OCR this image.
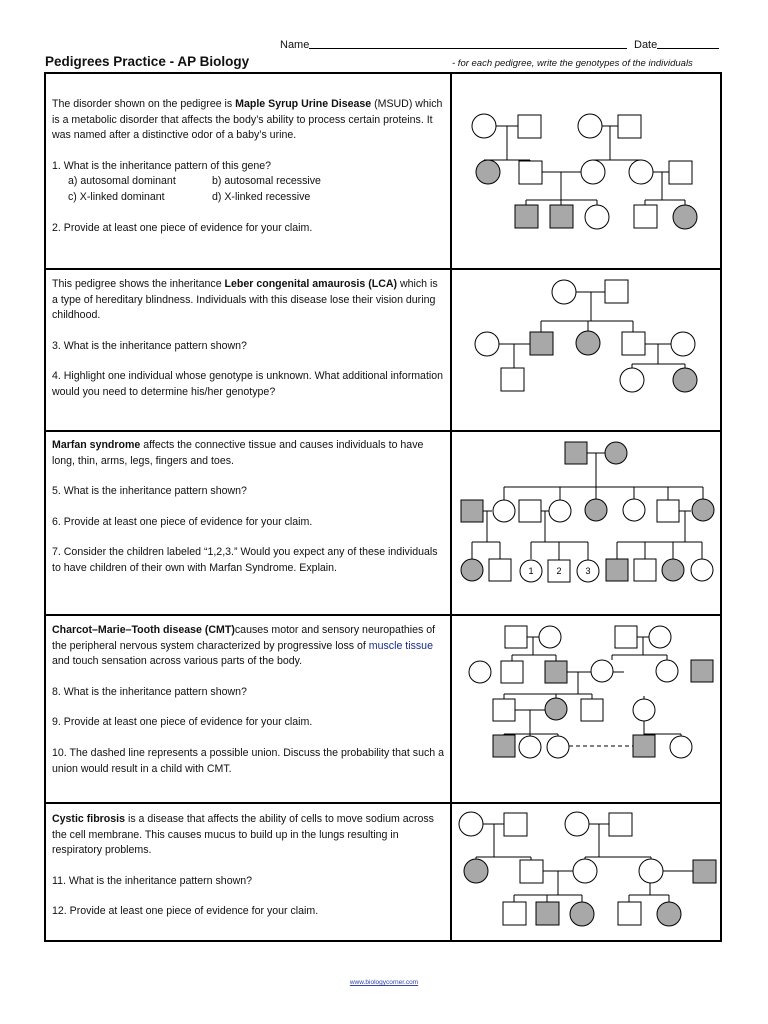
Name	Date
Pedigrees Practice - AP Biology	- for each pedigree, write the genotypes of the individuals

The disorder shown on the pedigree is Maple Syrup Urine Disease (MSUD) which is a metabolic disorder that affects the body’s ability to process certain proteins. It was named after a distinctive odor of a baby’s urine.

1. What is the inheritance pattern of this gene?
a) autosomal dominant	b) autosomal recessive
c) X-linked dominant	d) X-linked recessive
2. Provide at least one piece of evidence for your claim.

This pedigree shows the inheritance Leber congenital amaurosis (LCA) which is a type of hereditary blindness. Individuals with this disease lose their vision during childhood.

3. What is the inheritance pattern shown?

4. Highlight one individual whose genotype is unknown. What additional information would you need to determine his/her genotype?

Marfan syndrome affects the connective tissue and causes individuals to have long, thin, arms, legs, fingers and toes.

5. What is the inheritance pattern shown?

6. Provide at least one piece of evidence for your claim.

7. Consider the children labeled “1,2,3.” Would you expect any of these individuals to have children of their own with Marfan Syndrome. Explain.

Charcot–Marie–Tooth disease (CMT)causes motor and sensory neuropathies of the peripheral nervous system characterized by progressive loss of muscle tissue and touch sensation across various parts of the body.

8. What is the inheritance pattern shown?

9. Provide at least one piece of evidence for your claim.

10. The dashed line represents a possible union. Discuss the probability that such a union would result in a child with CMT.

Cystic fibrosis is a disease that affects the ability of cells to move sodium across the cell membrane. This causes mucus to build up in the lungs resulting in respiratory problems.

11. What is the inheritance pattern shown?

12. Provide at least one piece of evidence for your claim.

1	2	3
www.biologycorner.com
